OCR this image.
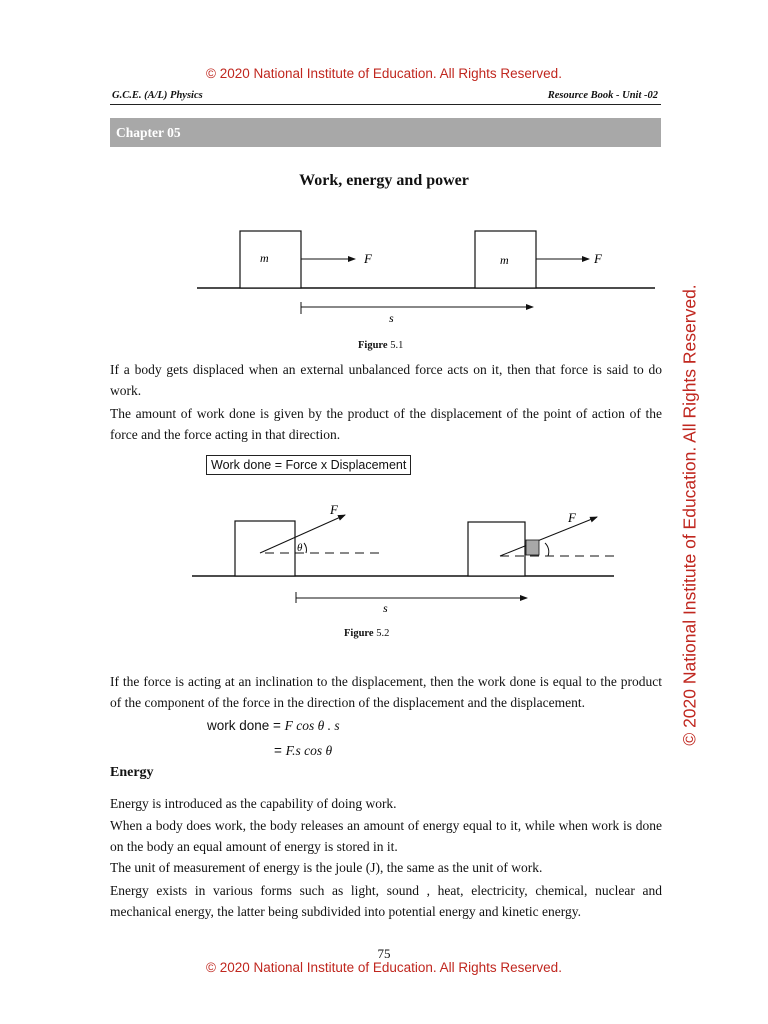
© 2020 National Institute of Education. All Rights Reserved.
© 2020 National Institute of Education. All Rights Reserved.
G.C.E. (A/L) Physics	Resource Book - Unit -02
Chapter 05
Work, energy and power
m	m
F	F
s
Figure 5.1
If a body gets displaced when an external unbalanced force acts on it, then that force is said to do work.
The amount of work done is given by the product of the displacement of the point of action of the force and the force acting in that direction.
Work done = Force x Displacement
F
F
θ
s
Figure 5.2
If the force is acting at an inclination to the displacement, then the work done is equal to the product of the component of the force in the direction of the displacement and the displacement.
work done = F cos θ . s
= F.s cos θ
Energy
Energy is introduced as the capability of doing work.
When a body does work, the body releases an amount of energy equal to it, while when work is done on the body an equal amount of energy is stored in it.
The unit of measurement of energy is the joule (J), the same as the unit of work.
Energy exists in various forms such as light, sound , heat, electricity, chemical, nuclear and mechanical energy, the latter being subdivided into potential energy and kinetic energy.
75
© 2020 National Institute of Education. All Rights Reserved.
